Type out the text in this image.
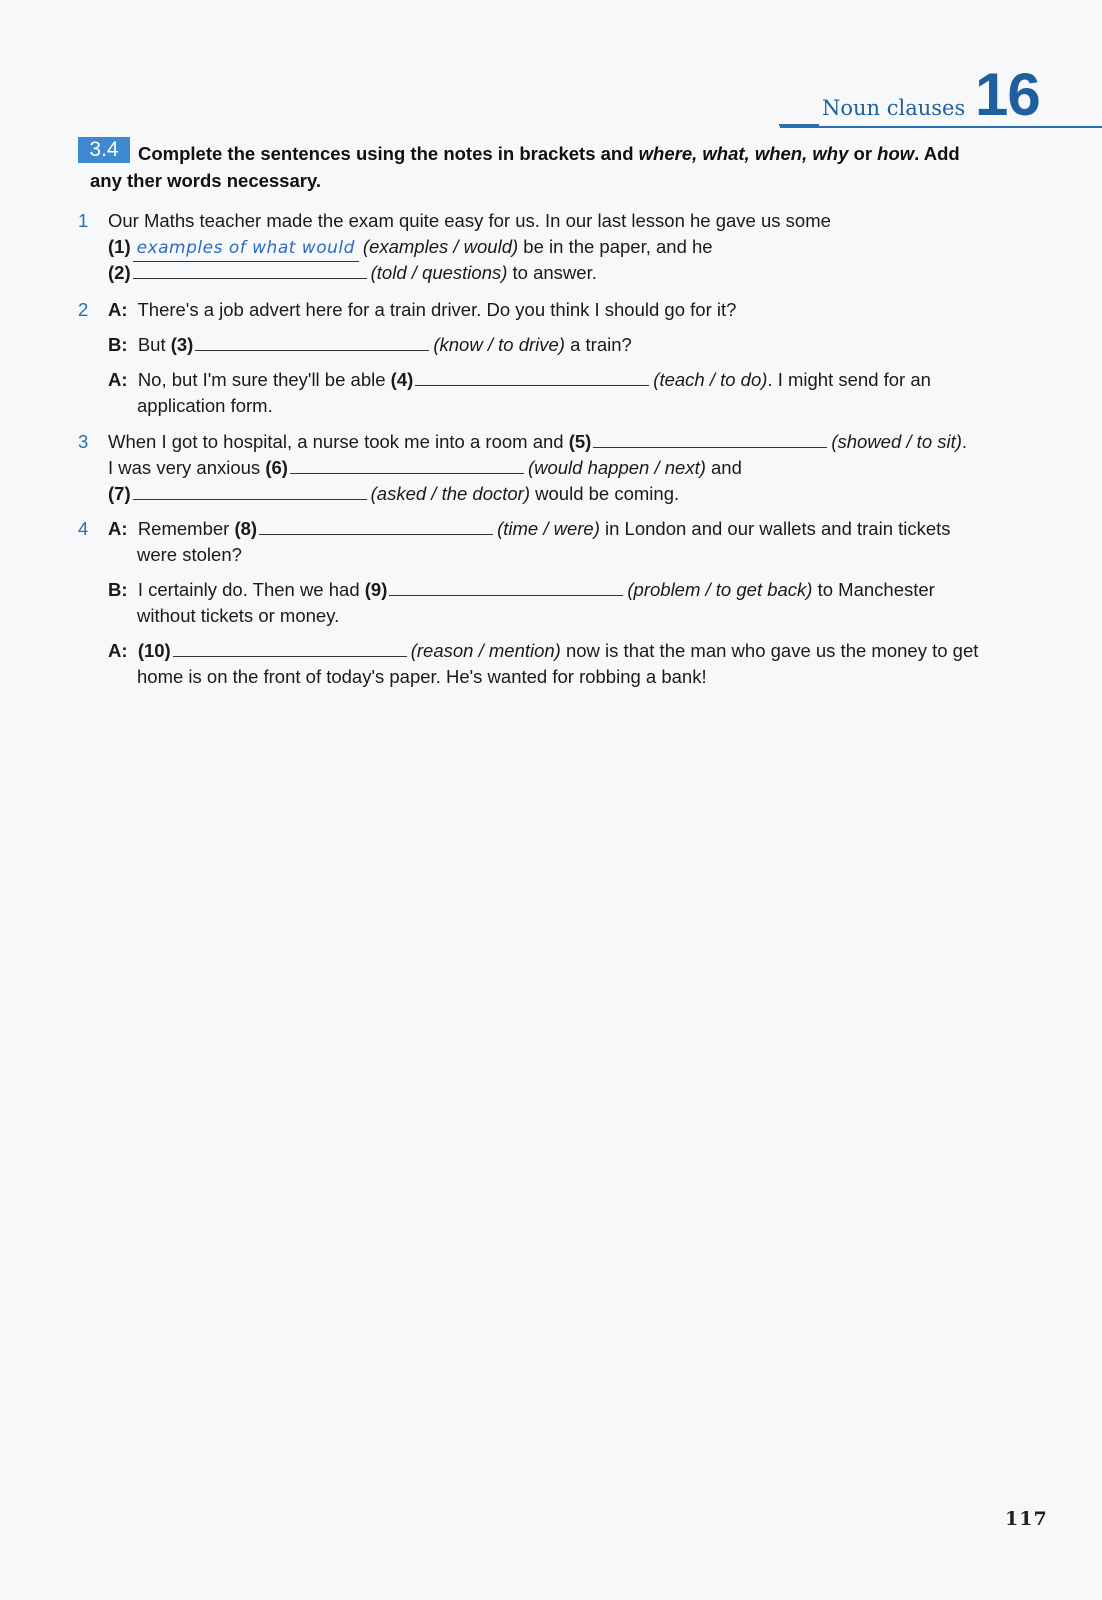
Noun clauses 16
Complete the sentences using the notes in brackets and where, what, when, why or how. Add any ther words necessary.
3.4
1 Our Maths teacher made the exam quite easy for us. In our last lesson he gave us some
(1) examples of what would (examples / would) be in the paper, and he
(2)	(told / questions) to answer.
2 A: There's a job advert here for a train driver. Do you think I should go for it?
B: But (3)	(know / to drive) a train?
A: No, but I'm sure they'll be able (4)	(teach / to do). I might send for an
application form.
3 When I got to hospital, a nurse took me into a room and (5)	(showed / to sit).
I was very anxious (6)	(would happen / next) and
(7)	(asked / the doctor) would be coming.
4 A: Remember (8)	(time / were) in London and our wallets and train tickets
were stolen?
B: I certainly do. Then we had (9)	(problem / to get back) to Manchester
without tickets or money.
A: (10)	(reason / mention) now is that the man who gave us the money to get
home is on the front of today's paper. He's wanted for robbing a bank!
117
